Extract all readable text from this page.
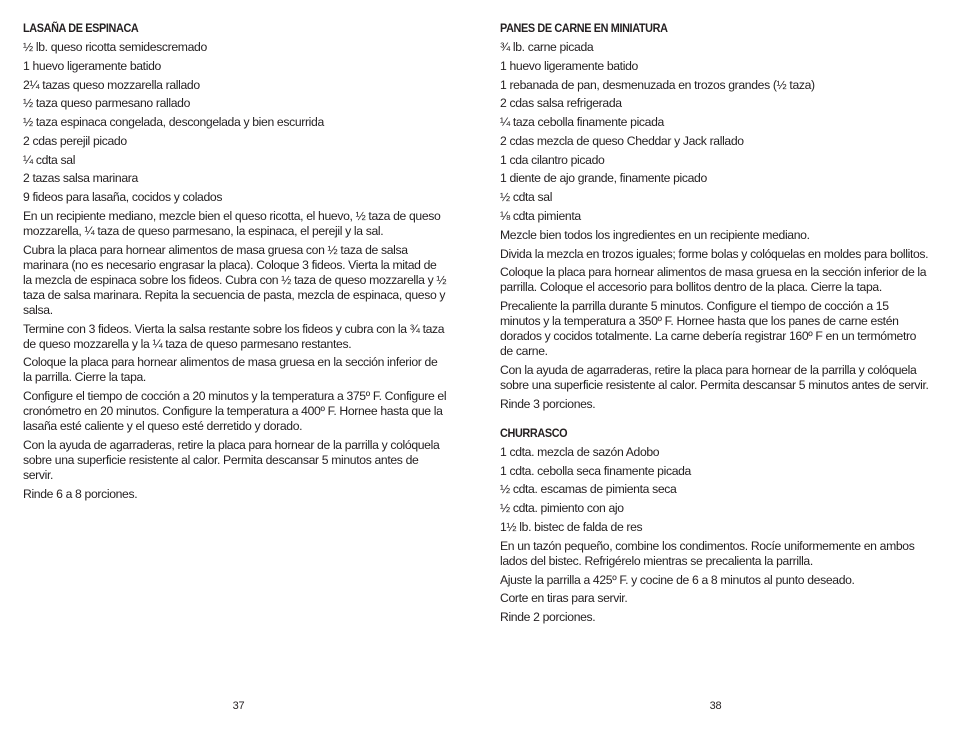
LASAÑA DE ESPINACA
½ lb. queso ricotta semidescremado
1 huevo ligeramente batido
2¼ tazas queso mozzarella rallado
½ taza queso parmesano rallado
½ taza espinaca congelada, descongelada y bien escurrida
2 cdas perejil picado
¼ cdta sal
2 tazas salsa marinara
9 fideos para lasaña, cocidos y colados

En un recipiente mediano, mezcle bien el queso ricotta, el huevo, ½ taza de queso mozzarella, ¼ taza de queso parmesano, la espinaca, el perejil y la sal.

Cubra la placa para hornear alimentos de masa gruesa con ½ taza de salsa marinara (no es necesario engrasar la placa). Coloque 3 fideos. Vierta la mitad de la mezcla de espinaca sobre los fideos. Cubra con ½ taza de queso mozzarella y ½ taza de salsa marinara. Repita la secuencia de pasta, mezcla de espinaca, queso y salsa.

Termine con 3 fideos. Vierta la salsa restante sobre los fideos y cubra con la ¾ taza de queso mozzarella y la ¼ taza de queso parmesano restantes.

Coloque la placa para hornear alimentos de masa gruesa en la sección inferior de la parrilla. Cierre la tapa.

Configure el tiempo de cocción a 20 minutos y la temperatura a 375º F. Configure el cronómetro en 20 minutos. Configure la temperatura a 400º F. Hornee hasta que la lasaña esté caliente y el queso esté derretido y dorado.

Con la ayuda de agarraderas, retire la placa para hornear de la parrilla y colóquela sobre una superficie resistente al calor. Permita descansar 5 minutos antes de servir.

Rinde 6 a 8 porciones.

37
PANES DE CARNE EN MINIATURA
¾ lb. carne picada
1 huevo ligeramente batido
1 rebanada de pan, desmenuzada en trozos grandes (½ taza)
2 cdas salsa refrigerada
¼ taza cebolla finamente picada
2 cdas mezcla de queso Cheddar y Jack rallado
1 cda cilantro picado
1 diente de ajo grande, finamente picado
½ cdta sal
⅛ cdta pimienta

Mezcle bien todos los ingredientes en un recipiente mediano.

Divida la mezcla en trozos iguales; forme bolas y colóquelas en moldes para bollitos.

Coloque la placa para hornear alimentos de masa gruesa en la sección inferior de la parrilla. Coloque el accesorio para bollitos dentro de la placa. Cierre la tapa.

Precaliente la parrilla durante 5 minutos. Configure el tiempo de cocción a 15 minutos y la temperatura a 350º F. Hornee hasta que los panes de carne estén dorados y cocidos totalmente. La carne debería registrar 160º F en un termómetro de carne.

Con la ayuda de agarraderas, retire la placa para hornear de la parrilla y colóquela sobre una superficie resistente al calor. Permita descansar 5 minutos antes de servir.

Rinde 3 porciones.

CHURRASCO
1 cdta. mezcla de sazón Adobo
1 cdta. cebolla seca finamente picada
½ cdta. escamas de pimienta seca
½ cdta. pimiento con ajo
1½ lb. bistec de falda de res

En un tazón pequeño, combine los condimentos. Rocíe uniformemente en ambos lados del bistec. Refrigérelo mientras se precalienta la parrilla.

Ajuste la parrilla a 425º F. y cocine de 6 a 8 minutos al punto deseado.

Corte en tiras para servir.

Rinde 2 porciones.

38
